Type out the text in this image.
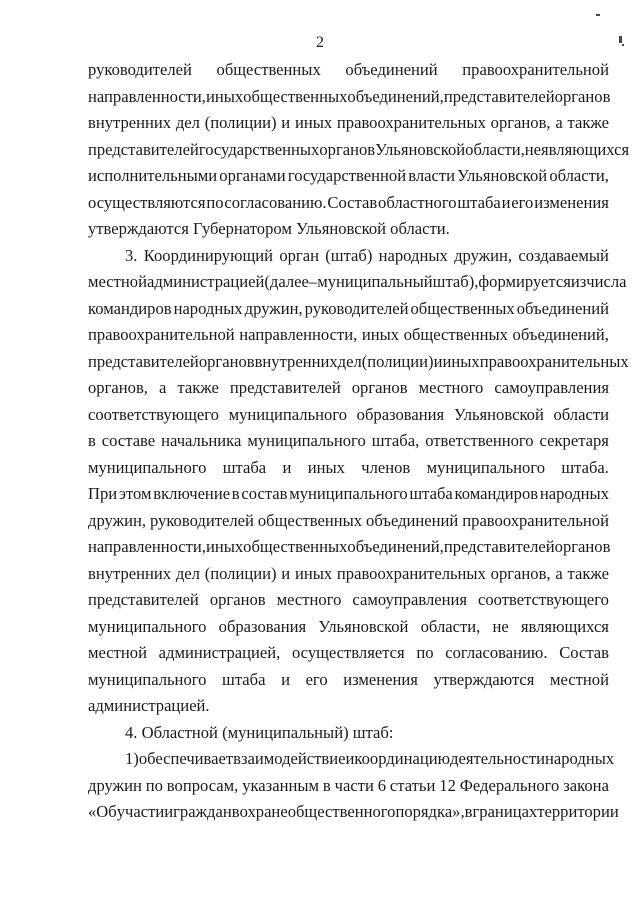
2
руководителей общественных объединений правоохранительной
направленности, иных общественных объединений, представителей органов
внутренних дел (полиции) и иных правоохранительных органов, а также
представителей государственных органов Ульяновской области, не являющихся
исполнительными органами государственной власти Ульяновской области,
осуществляются по согласованию. Состав областного штаба и его изменения
утверждаются Губернатором Ульяновской области.
3. Координирующий орган (штаб) народных дружин, создаваемый
местной администрацией (далее – муниципальный штаб), формируется из числа
командиров народных дружин, руководителей общественных объединений
правоохранительной направленности, иных общественных объединений,
представителей органов внутренних дел (полиции) и иных правоохранительных
органов, а также представителей органов местного самоуправления
соответствующего муниципального образования Ульяновской области
в составе начальника муниципального штаба, ответственного секретаря
муниципального штаба и иных членов муниципального штаба.
При этом включение в состав муниципального штаба командиров народных
дружин, руководителей общественных объединений правоохранительной
направленности, иных общественных объединений, представителей органов
внутренних дел (полиции) и иных правоохранительных органов, а также
представителей органов местного самоуправления соответствующего
муниципального образования Ульяновской области, не являющихся
местной администрацией, осуществляется по согласованию. Состав
муниципального штаба и его изменения утверждаются местной
администрацией.
4. Областной (муниципальный) штаб:
1) обеспечивает взаимодействие и координацию деятельности народных
дружин по вопросам, указанным в части 6 статьи 12 Федерального закона
«Об участии граждан в охране общественного порядка», в границах территории
